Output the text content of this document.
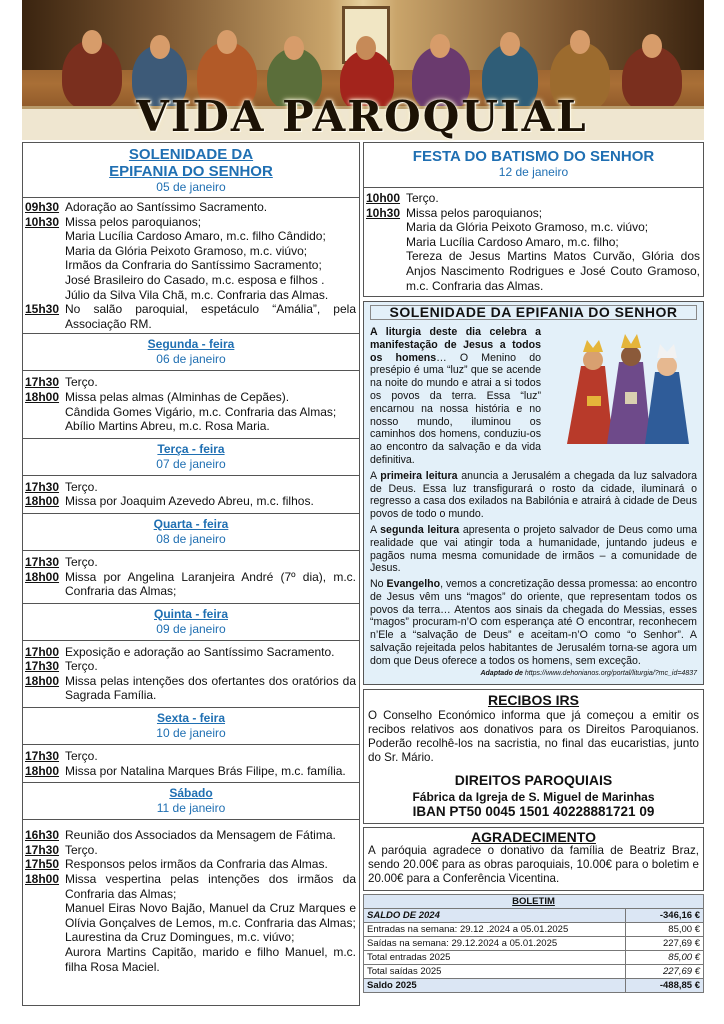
VIDA PAROQUIAL
SOLENIDADE DA
EPIFANIA DO SENHOR
05 de janeiro
09h30 Adoração ao Santíssimo Sacramento.
10h30 Missa pelos paroquianos;
Maria Lucília Cardoso Amaro, m.c. filho Cândido;
Maria da Glória Peixoto Gramoso, m.c. viúvo;
Irmãos da Confraria do Santíssimo Sacramento;
José Brasileiro do Casado, m.c. esposa e filhos .
Júlio da Silva Vila Chã, m.c. Confraria das Almas.
15h30 No salão paroquial, espetáculo “Amália”, pela Associação RM.
Segunda - feira
06 de janeiro
17h30 Terço.
18h00 Missa pelas almas (Alminhas de Cepães).
Cândida Gomes Vigário, m.c. Confraria das Almas;
Abílio Martins Abreu, m.c. Rosa Maria.
Terça - feira
07 de janeiro
17h30 Terço.
18h00 Missa por Joaquim Azevedo Abreu, m.c. filhos.
Quarta - feira
08 de janeiro
17h30 Terço.
18h00 Missa por Angelina Laranjeira André (7º dia), m.c. Confraria das Almas;
Quinta - feira
09 de janeiro
17h00 Exposição e adoração ao Santíssimo Sacramento.
17h30 Terço.
18h00 Missa pelas intenções dos ofertantes dos oratórios da Sagrada Família.
Sexta - feira
10 de janeiro
17h30 Terço.
18h00 Missa por Natalina Marques Brás Filipe, m.c. família.
Sábado
11 de janeiro
16h30 Reunião dos Associados da Mensagem de Fátima.
17h30 Terço.
17h50 Responsos pelos irmãos da Confraria das Almas.
18h00 Missa vespertina pelas intenções dos irmãos da Confraria das Almas;
Manuel Eiras Novo Bajão, Manuel da Cruz Marques e Olívia Gonçalves de Lemos, m.c. Confraria das Almas;
Laurestina da Cruz Domingues, m.c. viúvo;
Aurora Martins Capitão, marido e filho Manuel, m.c. filha Rosa Maciel.
FESTA DO BATISMO DO SENHOR
12 de janeiro
10h00 Terço.
10h30 Missa pelos paroquianos;
Maria da Glória Peixoto Gramoso, m.c. viúvo;
Maria Lucília Cardoso Amaro, m.c. filho;
Tereza de Jesus Martins Matos Curvão, Glória dos Anjos Nascimento Rodrigues e José Couto Gramoso, m.c. Confraria das Almas.
SOLENIDADE DA EPIFANIA DO SENHOR

A liturgia deste dia celebra a manifestação de Jesus a todos os homens… O Menino do presépio é uma “luz” que se acende na noite do mundo e atrai a si todos os povos da terra. Essa “luz” encarnou na nossa história e no nosso mundo, iluminou os caminhos dos homens, conduziu-os ao encontro da salvação e da vida definitiva.

A primeira leitura anuncia a Jerusalém a chegada da luz salvadora de Deus. Essa luz transfigurará o rosto da cidade, iluminará o regresso a casa dos exilados na Babilónia e atrairá à cidade de Deus povos de todo o mundo.

A segunda leitura apresenta o projeto salvador de Deus como uma realidade que vai atingir toda a humanidade, juntando judeus e pagãos numa mesma comunidade de irmãos – a comunidade de Jesus.

No Evangelho, vemos a concretização dessa promessa: ao encontro de Jesus vêm uns “magos” do oriente, que representam todos os povos da terra… Atentos aos sinais da chegada do Messias, esses “magos” procuram-n’O com esperança até O encontrar, reconhecem n’Ele a “salvação de Deus” e aceitam-n’O como “o Senhor”. A salvação rejeitada pelos habitantes de Jerusalém torna-se agora um dom que Deus oferece a todos os homens, sem exceção.

Adaptado de https://www.dehonianos.org/portal/liturgia/?mc_id=4837
RECIBOS IRS

O Conselho Económico informa que já começou a emitir os recibos relativos aos donativos para os Direitos Paroquianos. Poderão recolhê-los na sacristia, no final das eucaristias, junto do Sr. Mário.

DIREITOS PAROQUIAIS
Fábrica da Igreja de S. Miguel de Marinhas
IBAN PT50 0045 1501 40228881721 09
AGRADECIMENTO

A paróquia agradece o donativo da família de Beatriz Braz, sendo 20.00€ para as obras paroquiais, 10.00€ para o boletim e 20.00€ para a Conferência Vicentina.

BOLETIM	
SALDO DE 2024	-346,16 €
Entradas na semana: 29.12 .2024 a 05.01.2025	85,00 €
Saídas na semana: 29.12.2024 a 05.01.2025	227,69 €
Total entradas 2025	85,00 €
Total saídas 2025	227,69 €
Saldo 2025	-488,85 €
